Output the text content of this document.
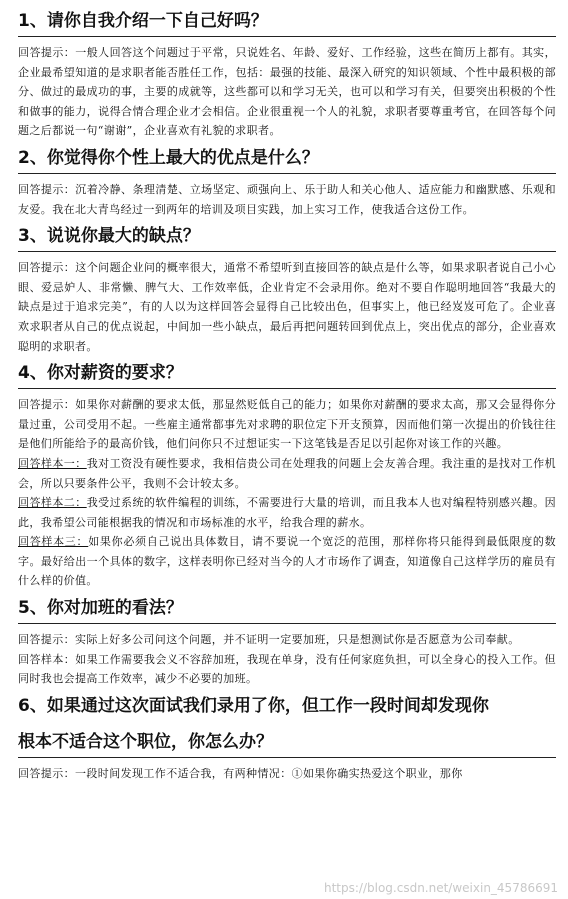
1、请你自我介绍一下自己好吗？

回答提示：一般人回答这个问题过于平常，只说姓名、年龄、爱好、工作经验，这些在简历上都有。其实，企业最希望知道的是求职者能否胜任工作，包括：最强的技能、最深入研究的知识领域、个性中最积极的部分、做过的最成功的事，主要的成就等，这些都可以和学习无关，也可以和学习有关，但要突出积极的个性和做事的能力，说得合情合理企业才会相信。企业很重视一个人的礼貌，求职者要尊重考官，在回答每个问题之后都说一句“谢谢”，企业喜欢有礼貌的求职者。

2、你觉得你个性上最大的优点是什么？

回答提示：沉着冷静、条理清楚、立场坚定、顽强向上、乐于助人和关心他人、适应能力和幽默感、乐观和友爱。我在北大青鸟经过一到两年的培训及项目实践，加上实习工作，使我适合这份工作。

3、说说你最大的缺点？

回答提示：这个问题企业问的概率很大，通常不希望听到直接回答的缺点是什么等，如果求职者说自己小心眼、爱忌妒人、非常懒、脾气大、工作效率低，企业肯定不会录用你。绝对不要自作聪明地回答“我最大的缺点是过于追求完美”，有的人以为这样回答会显得自己比较出色，但事实上，他已经岌岌可危了。企业喜欢求职者从自己的优点说起，中间加一些小缺点，最后再把问题转回到优点上，突出优点的部分，企业喜欢聪明的求职者。

4、你对薪资的要求？

回答提示：如果你对薪酬的要求太低，那显然贬低自己的能力；如果你对薪酬的要求太高，那又会显得你分量过重，公司受用不起。一些雇主通常都事先对求聘的职位定下开支预算，因而他们第一次提出的价钱往往是他们所能给予的最高价钱，他们问你只不过想证实一下这笔钱是否足以引起你对该工作的兴趣。

回答样本一：我对工资没有硬性要求，我相信贵公司在处理我的问题上会友善合理。我注重的是找对工作机会，所以只要条件公平，我则不会计较太多。

回答样本二：我受过系统的软件编程的训练，不需要进行大量的培训，而且我本人也对编程特别感兴趣。因此，我希望公司能根据我的情况和市场标准的水平，给我合理的薪水。

回答样本三：如果你必须自己说出具体数目，请不要说一个宽泛的范围，那样你将只能得到最低限度的数字。最好给出一个具体的数字，这样表明你已经对当今的人才市场作了调查，知道像自己这样学历的雇员有什么样的价值。

5、你对加班的看法？

回答提示：实际上好多公司问这个问题，并不证明一定要加班，只是想测试你是否愿意为公司奉献。

回答样本：如果工作需要我会义不容辞加班，我现在单身，没有任何家庭负担，可以全身心的投入工作。但同时我也会提高工作效率，减少不必要的加班。

6、如果通过这次面试我们录用了你，但工作一段时间却发现你
根本不适合这个职位，你怎么办？

回答提示：一段时间发现工作不适合我，有两种情况：①如果你确实热爱这个职业，那你

https://blog.csdn.net/weixin_45786691
